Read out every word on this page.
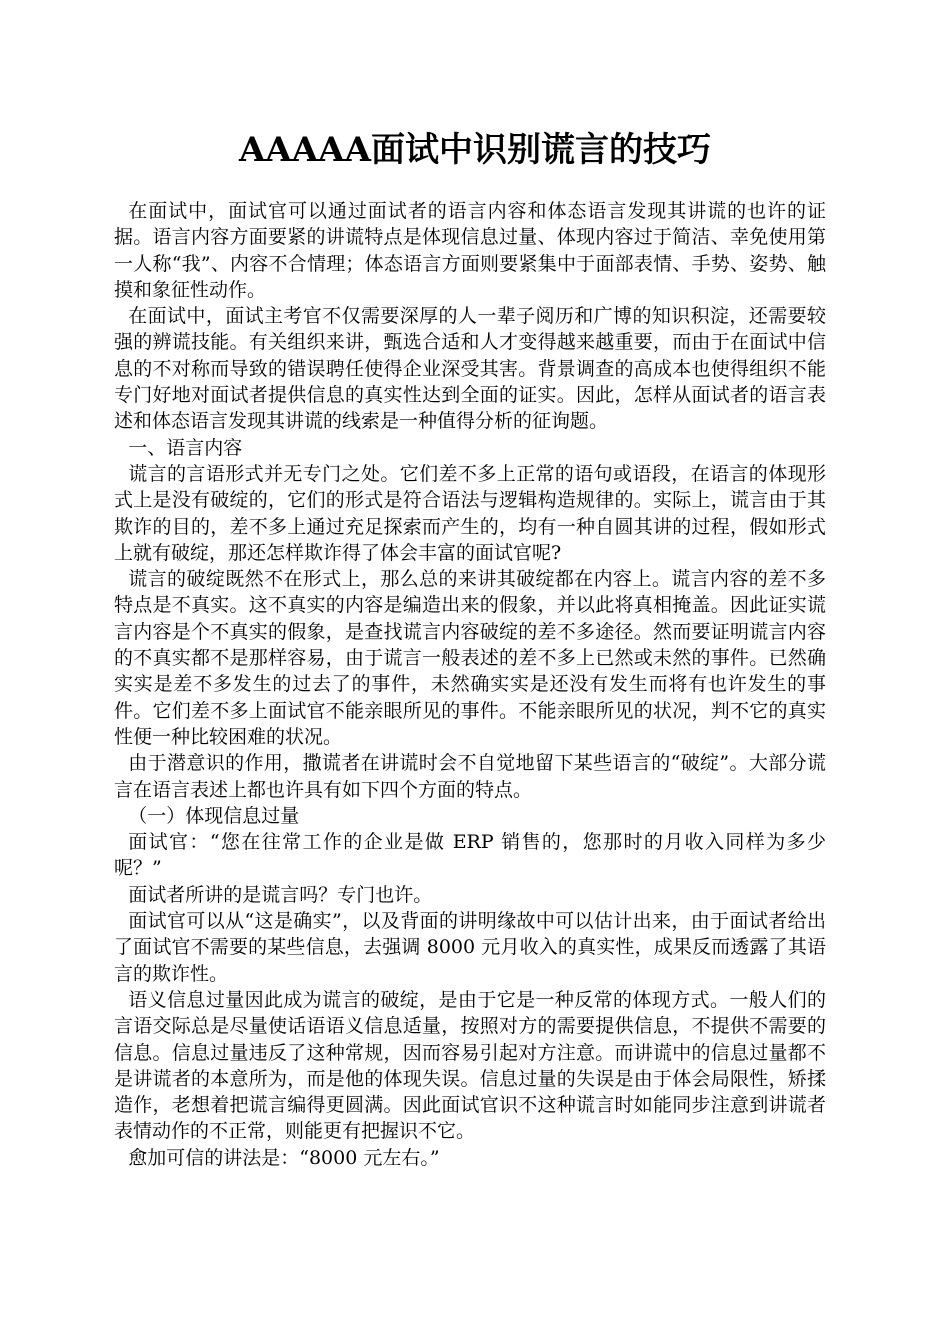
AAAAA面试中识别谎言的技巧

在面试中，面试官可以通过面试者的语言内容和体态语言发现其讲谎的也许的证据。语言内容方面要紧的讲谎特点是体现信息过量、体现内容过于简洁、幸免使用第一人称“我”、内容不合情理；体态语言方面则要紧集中于面部表情、手势、姿势、触摸和象征性动作。

在面试中，面试主考官不仅需要深厚的人一辈子阅历和广博的知识积淀，还需要较强的辨谎技能。有关组织来讲，甄选合适和人才变得越来越重要，而由于在面试中信息的不对称而导致的错误聘任使得企业深受其害。背景调查的高成本也使得组织不能专门好地对面试者提供信息的真实性达到全面的证实。因此，怎样从面试者的语言表述和体态语言发现其讲谎的线索是一种值得分析的征询题。

一、语言内容

谎言的言语形式并无专门之处。它们差不多上正常的语句或语段，在语言的体现形式上是没有破绽的，它们的形式是符合语法与逻辑构造规律的。实际上，谎言由于其欺诈的目的，差不多上通过充足探索而产生的，均有一种自圆其讲的过程，假如形式上就有破绽，那还怎样欺诈得了体会丰富的面试官呢?

谎言的破绽既然不在形式上，那么总的来讲其破绽都在内容上。谎言内容的差不多特点是不真实。这不真实的内容是编造出来的假象，并以此将真相掩盖。因此证实谎言内容是个不真实的假象，是查找谎言内容破绽的差不多途径。然而要证明谎言内容的不真实都不是那样容易，由于谎言一般表述的差不多上已然或未然的事件。已然确实实是差不多发生的过去了的事件，未然确实实是还没有发生而将有也许发生的事件。它们差不多上面试官不能亲眼所见的事件。不能亲眼所见的状况，判不它的真实性便一种比较困难的状况。

由于潜意识的作用，撒谎者在讲谎时会不自觉地留下某些语言的“破绽”。大部分谎言在语言表述上都也许具有如下四个方面的特点。

（一）体现信息过量

面试官：“您在往常工作的企业是做 ERP 销售的，您那时的月收入同样为多少呢？”

面试者所讲的是谎言吗？专门也许。

面试官可以从“这是确实”，以及背面的讲明缘故中可以估计出来，由于面试者给出了面试官不需要的某些信息，去强调 8000 元月收入的真实性，成果反而透露了其语言的欺诈性。

语义信息过量因此成为谎言的破绽，是由于它是一种反常的体现方式。一般人们的言语交际总是尽量使话语语义信息适量，按照对方的需要提供信息，不提供不需要的信息。信息过量违反了这种常规，因而容易引起对方注意。而讲谎中的信息过量都不是讲谎者的本意所为，而是他的体现失误。信息过量的失误是由于体会局限性，矫揉造作，老想着把谎言编得更圆满。因此面试官识不这种谎言时如能同步注意到讲谎者表情动作的不正常，则能更有把握识不它。

愈加可信的讲法是：“8000 元左右。”
